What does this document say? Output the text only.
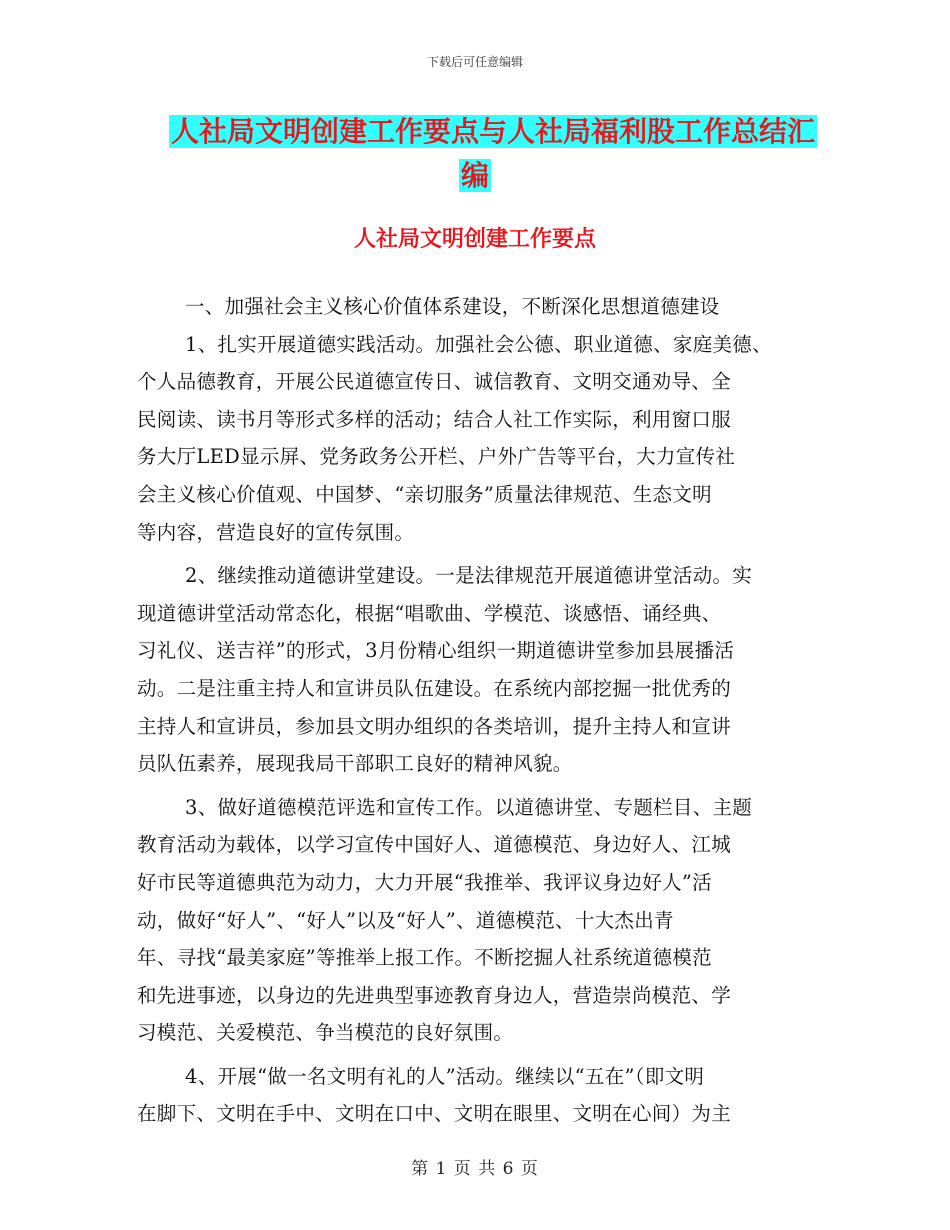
下载后可任意编辑
人社局文明创建工作要点与人社局福利股工作总结汇
编
人社局文明创建工作要点

一、加强社会主义核心价值体系建设，不断深化思想道德建设

1、扎实开展道德实践活动。加强社会公德、职业道德、家庭美德、
个人品德教育，开展公民道德宣传日、诚信教育、文明交通劝导、全
民阅读、读书月等形式多样的活动；结合人社工作实际，利用窗口服
务大厅LED显示屏、党务政务公开栏、户外广告等平台，大力宣传社
会主义核心价值观、中国梦、“亲切服务”质量法律规范、生态文明
等内容，营造良好的宣传氛围。

2、继续推动道德讲堂建设。一是法律规范开展道德讲堂活动。实
现道德讲堂活动常态化，根据“唱歌曲、学模范、谈感悟、诵经典、
习礼仪、送吉祥”的形式，3月份精心组织一期道德讲堂参加县展播活
动。二是注重主持人和宣讲员队伍建设。在系统内部挖掘一批优秀的
主持人和宣讲员，参加县文明办组织的各类培训，提升主持人和宣讲
员队伍素养，展现我局干部职工良好的精神风貌。

3、做好道德模范评选和宣传工作。以道德讲堂、专题栏目、主题
教育活动为载体，以学习宣传中国好人、道德模范、身边好人、江城
好市民等道德典范为动力，大力开展“我推举、我评议身边好人”活
动，做好“好人”、“好人”以及“好人”、道德模范、十大杰出青
年、寻找“最美家庭”等推举上报工作。不断挖掘人社系统道德模范
和先进事迹，以身边的先进典型事迹教育身边人，营造崇尚模范、学
习模范、关爱模范、争当模范的良好氛围。

4、开展“做一名文明有礼的人”活动。继续以“五在”（即文明
在脚下、文明在手中、文明在口中、文明在眼里、文明在心间）为主

第 1 页 共 6 页
